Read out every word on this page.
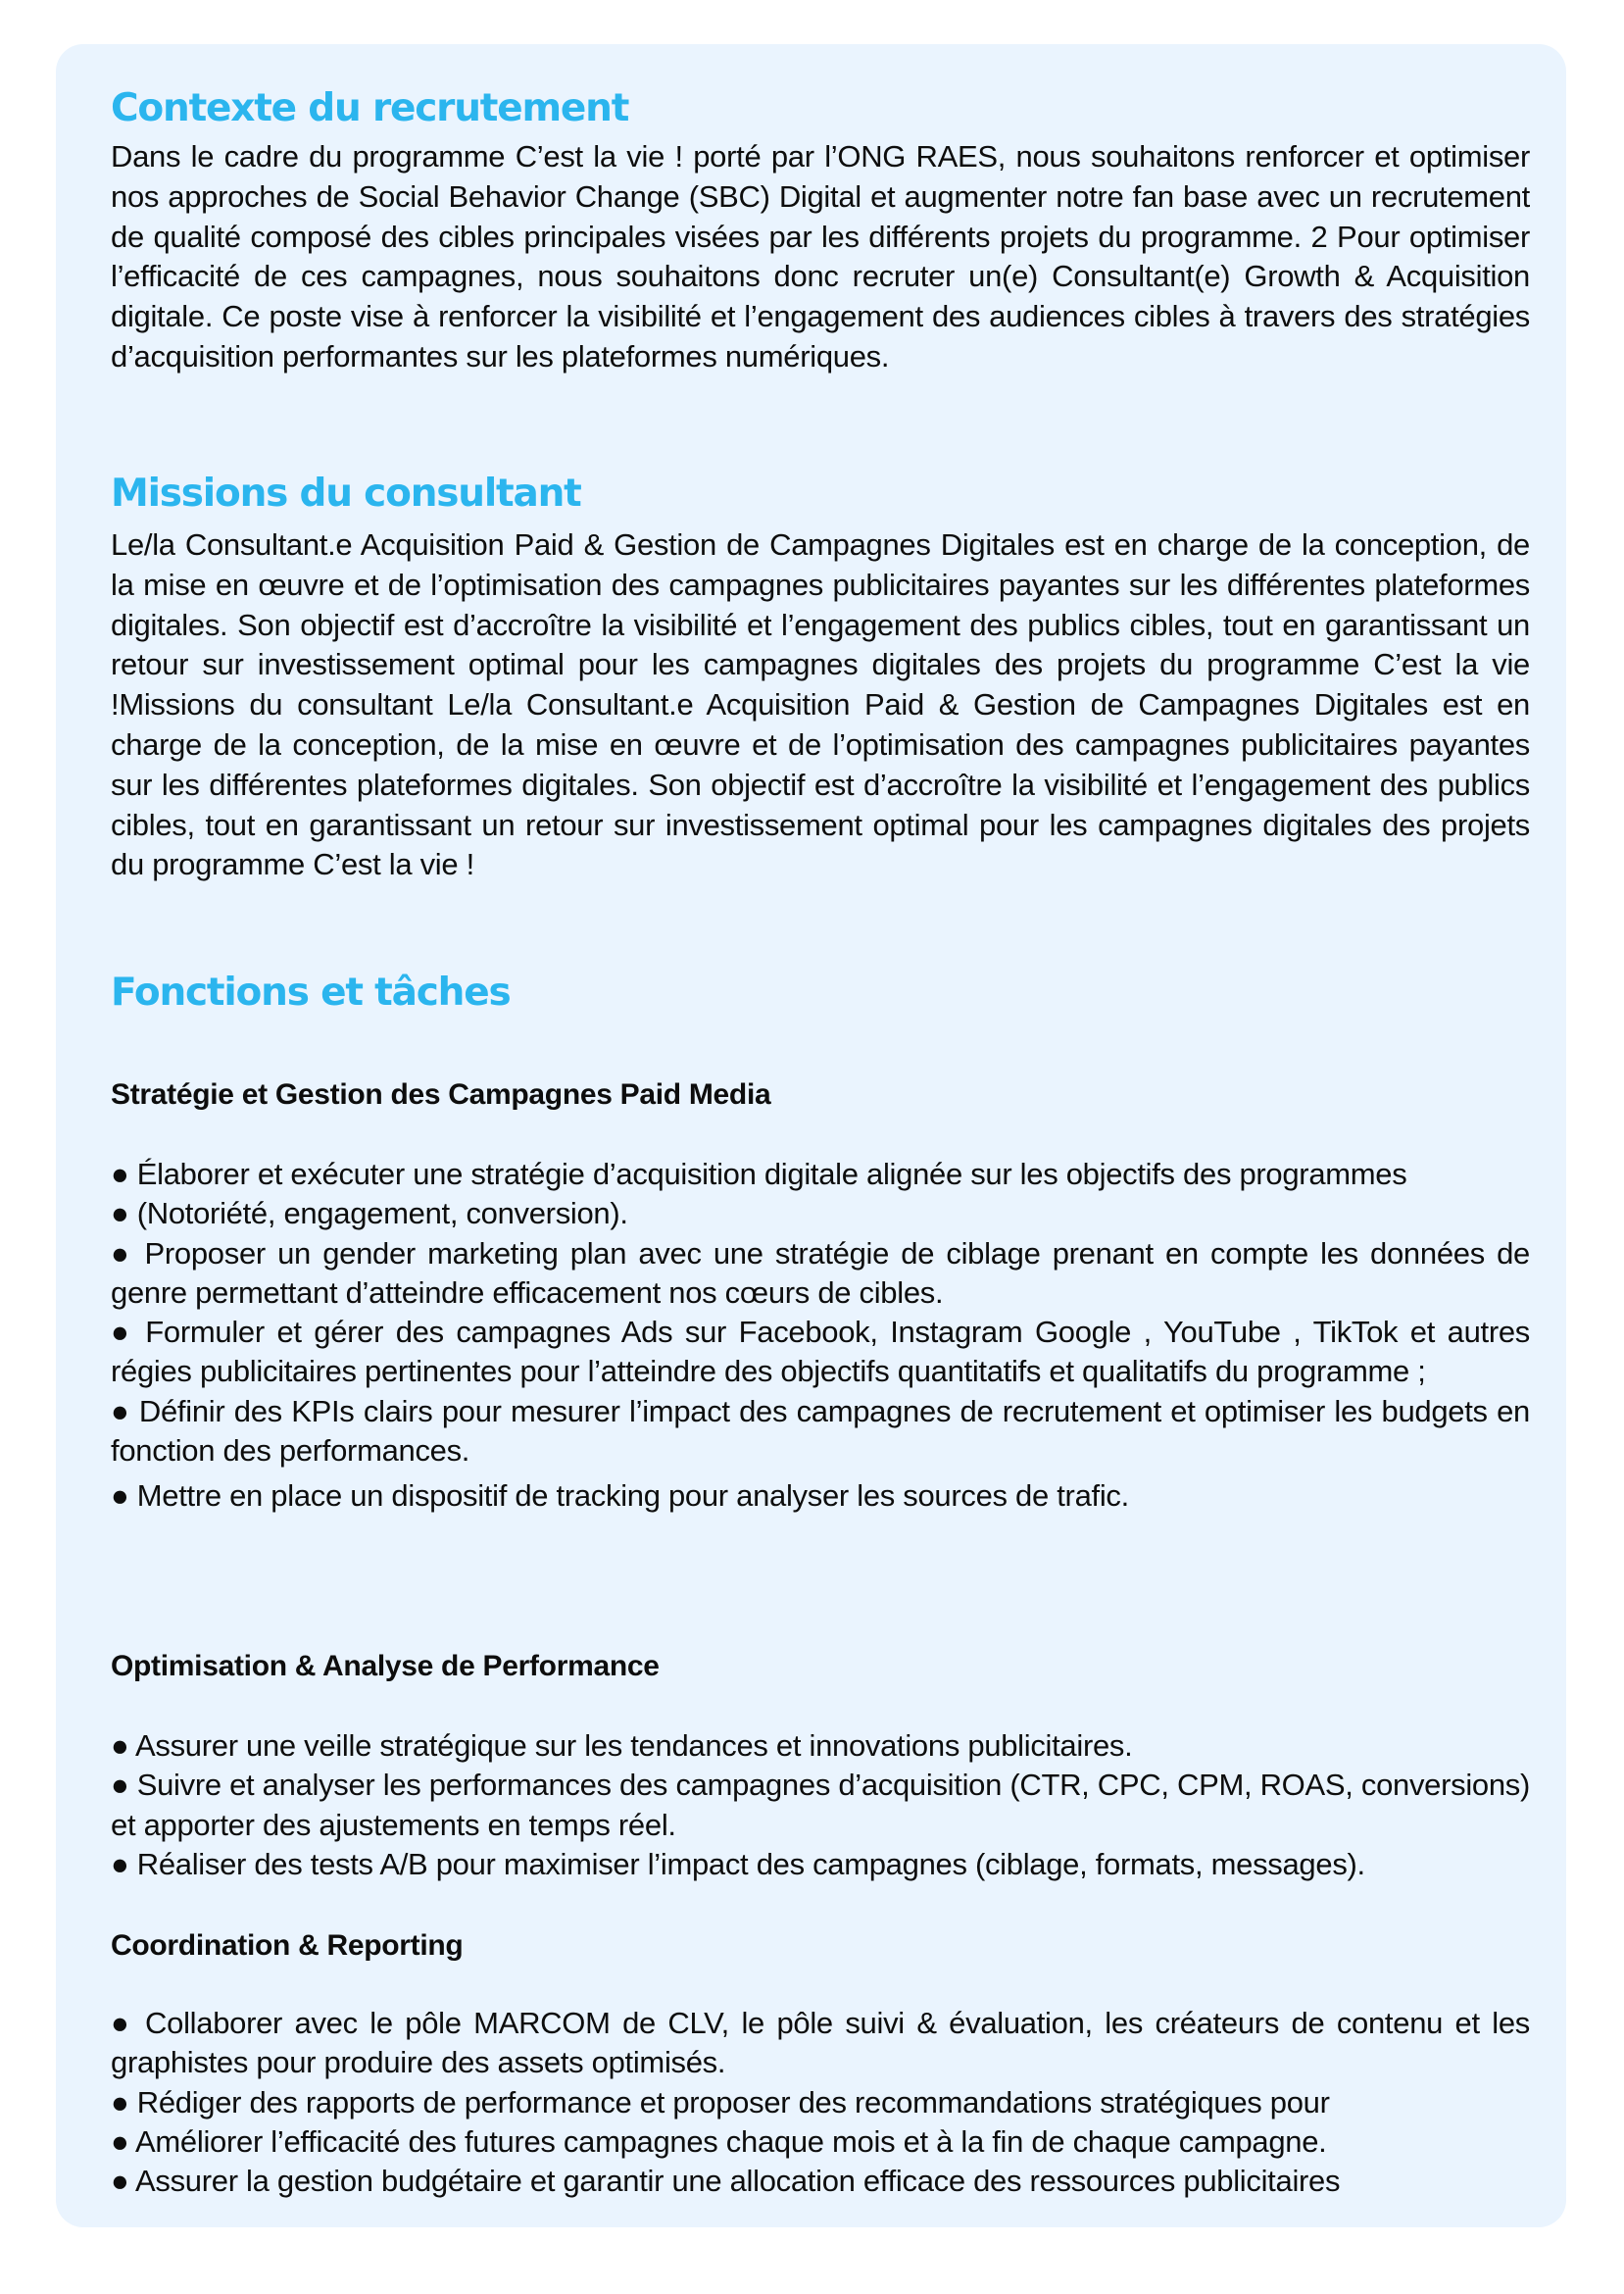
Contexte du recrutement
Dans le cadre du programme C’est la vie ! porté par l’ONG RAES, nous souhaitons renforcer et optimiser nos approches de Social Behavior Change (SBC) Digital et augmenter notre fan base avec un recrutement de qualité composé des cibles principales visées par les différents projets du programme. 2 Pour optimiser l’efficacité de ces campagnes, nous souhaitons donc recruter un(e) Consultant(e) Growth & Acquisition digitale. Ce poste vise à renforcer la visibilité et l’engagement des audiences cibles à travers des stratégies d’acquisition performantes sur les plateformes numériques.
Missions du consultant
Le/la Consultant.e Acquisition Paid & Gestion de Campagnes Digitales est en charge de la conception, de la mise en œuvre et de l’optimisation des campagnes publicitaires payantes sur les différentes plateformes digitales. Son objectif est d’accroître la visibilité et l’engagement des publics cibles, tout en garantissant un retour sur investissement optimal pour les campagnes digitales des projets du programme C’est la vie !Missions du consultant Le/la Consultant.e Acquisition Paid & Gestion de Campagnes Digitales est en charge de la conception, de la mise en œuvre et de l’optimisation des campagnes publicitaires payantes sur les différentes plateformes digitales. Son objectif est d’accroître la visibilité et l’engagement des publics cibles, tout en garantissant un retour sur investissement optimal pour les campagnes digitales des projets du programme C’est la vie !
Fonctions et tâches
Stratégie et Gestion des Campagnes Paid Media
● Élaborer et exécuter une stratégie d’acquisition digitale alignée sur les objectifs des programmes
● (Notoriété, engagement, conversion).
● Proposer un gender marketing plan avec une stratégie de ciblage prenant en compte les données de genre permettant d’atteindre efficacement nos cœurs de cibles.
● Formuler et gérer des campagnes Ads sur Facebook, Instagram Google , YouTube , TikTok et autres régies publicitaires pertinentes pour l’atteindre des objectifs quantitatifs et qualitatifs du programme ;
● Définir des KPIs clairs pour mesurer l’impact des campagnes de recrutement et optimiser les budgets en fonction des performances.
● Mettre en place un dispositif de tracking pour analyser les sources de trafic.
Optimisation & Analyse de Performance
● Assurer une veille stratégique sur les tendances et innovations publicitaires.
● Suivre et analyser les performances des campagnes d’acquisition (CTR, CPC, CPM, ROAS, conversions) et apporter des ajustements en temps réel.
● Réaliser des tests A/B pour maximiser l’impact des campagnes (ciblage, formats, messages).
Coordination & Reporting
● Collaborer avec le pôle MARCOM de CLV, le pôle suivi & évaluation, les créateurs de contenu et les graphistes pour produire des assets optimisés.
● Rédiger des rapports de performance et proposer des recommandations stratégiques pour
● Améliorer l’efficacité des futures campagnes chaque mois et à la fin de chaque campagne.
● Assurer la gestion budgétaire et garantir une allocation efficace des ressources publicitaires
